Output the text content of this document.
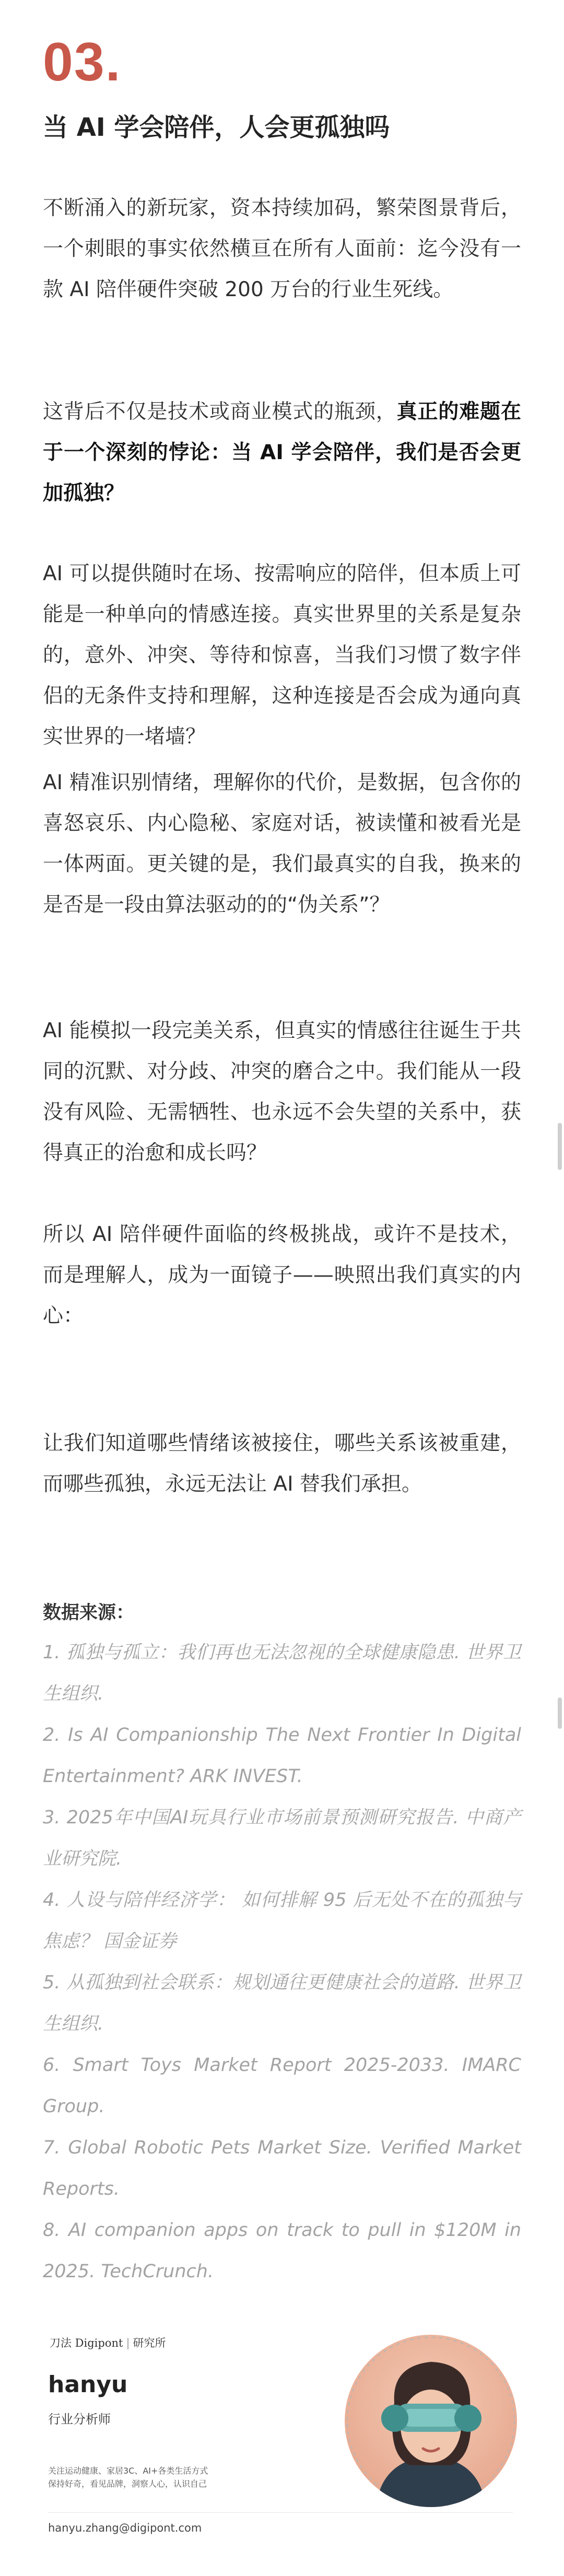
03.
当 AI 学会陪伴，人会更孤独吗
不断涌入的新玩家，资本持续加码，繁荣图景背后，一个刺眼的事实依然横亘在所有人面前：迄今没有一款 AI 陪伴硬件突破 200 万台的行业生死线。
这背后不仅是技术或商业模式的瓶颈，真正的难题在于一个深刻的悖论：当 AI 学会陪伴，我们是否会更加孤独？
AI 可以提供随时在场、按需响应的陪伴，但本质上可能是一种单向的情感连接。真实世界里的关系是复杂的，意外、冲突、等待和惊喜，当我们习惯了数字伴侣的无条件支持和理解，这种连接是否会成为通向真实世界的一堵墙？
AI 精准识别情绪，理解你的代价，是数据，包含你的喜怒哀乐、内心隐秘、家庭对话，被读懂和被看光是一体两面。更关键的是，我们最真实的自我，换来的是否是一段由算法驱动的的“伪关系”？
AI 能模拟一段完美关系，但真实的情感往往诞生于共同的沉默、对分歧、冲突的磨合之中。我们能从一段没有风险、无需牺牲、也永远不会失望的关系中，获得真正的治愈和成长吗？
所以 AI 陪伴硬件面临的终极挑战，或许不是技术，而是理解人，成为一面镜子——映照出我们真实的内心：
让我们知道哪些情绪该被接住，哪些关系该被重建，而哪些孤独，永远无法让 AI 替我们承担。
数据来源：
1. 孤独与孤立：我们再也无法忽视的全球健康隐患. 世界卫生组织.
2. Is AI Companionship The Next Frontier In Digital Entertainment? ARK INVEST.
3. 2025年中国AI玩具行业市场前景预测研究报告. 中商产业研究院.
4. 人设与陪伴经济学： 如何排解 95 后无处不在的孤独与焦虑？ 国金证券
5. 从孤独到社会联系：规划通往更健康社会的道路. 世界卫生组织.
6. Smart Toys Market Report 2025-2033. IMARC Group.
7. Global Robotic Pets Market Size. Verified Market Reports.
8. AI companion apps on track to pull in $120M in 2025. TechCrunch.
刀法 Digipont | 研究所
hanyu
行业分析师
关注运动健康、家居3C、AI+各类生活方式
保持好奇，看见品牌，洞察人心，认识自己
hanyu.zhang@digipont.com
